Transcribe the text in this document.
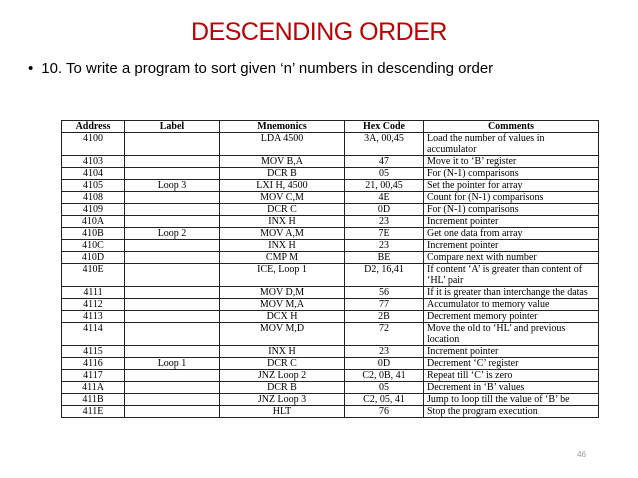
DESCENDING ORDER
• 10. To write a program to sort given ‘n’ numbers in descending order
Address	Label	Mnemonics	Hex Code	Comments
4100		LDA 4500	3A, 00,45	Load the number of values in accumulator
4103		MOV B,A	47	Move it to ‘B’ register
4104		DCR B	05	For (N-1) comparisons
4105	Loop 3	LXI H, 4500	21, 00,45	Set the pointer for array
4108		MOV C,M	4E	Count for (N-1) comparisons
4109		DCR C	0D	For (N-1) comparisons
410A		INX H	23	Increment pointer
410B	Loop 2	MOV A,M	7E	Get one data from array
410C		INX H	23	Increment pointer
410D		CMP M	BE	Compare next with number
410E		ICE, Loop 1	D2, 16,41	If content ‘A’ is greater than content of ‘HL’ pair
4111		MOV D,M	56	If it is greater than interchange the datas
4112		MOV M,A	77	Accumulator to memory value
4113		DCX H	2B	Decrement memory pointer
4114		MOV M,D	72	Move the old to ‘HL’ and previous location
4115		INX H	23	Increment pointer
4116	Loop 1	DCR C	0D	Decrement ‘C’ register
4117		JNZ Loop 2	C2, 0B, 41	Repeat till ‘C’ is zero
411A		DCR B	05	Decrement in ‘B’ values
411B		JNZ Loop 3	C2, 05, 41	Jump to loop till the value of ‘B’ be
411E		HLT	76	Stop the program execution
46
